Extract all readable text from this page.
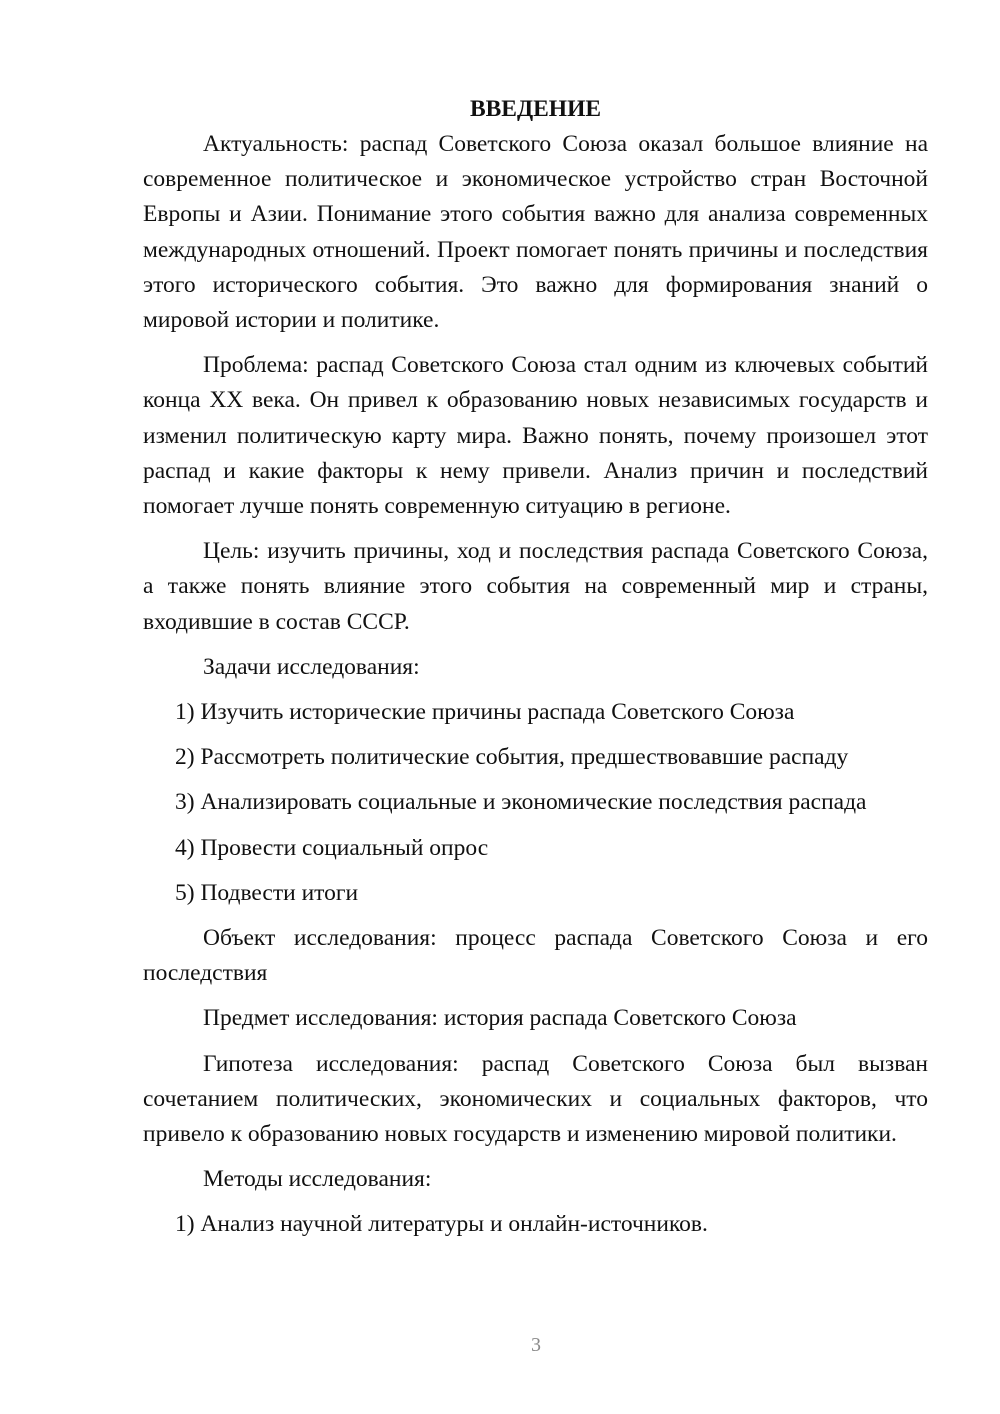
ВВЕДЕНИЕ

Актуальность: распад Советского Союза оказал большое влияние на современное политическое и экономическое устройство стран Восточной Европы и Азии. Понимание этого события важно для анализа современных международных отношений. Проект помогает понять причины и последствия этого исторического события. Это важно для формирования знаний о мировой истории и политике.

Проблема: распад Советского Союза стал одним из ключевых событий конца XX века. Он привел к образованию новых независимых государств и изменил политическую карту мира. Важно понять, почему произошел этот распад и какие факторы к нему привели. Анализ причин и последствий помогает лучше понять современную ситуацию в регионе.

Цель: изучить причины, ход и последствия распада Советского Союза, а также понять влияние этого события на современный мир и страны, входившие в состав СССР.

Задачи исследования:
1) Изучить исторические причины распада Советского Союза
2) Рассмотреть политические события, предшествовавшие распаду
3) Анализировать социальные и экономические последствия распада
4) Провести социальный опрос
5) Подвести итоги

Объект исследования: процесс распада Советского Союза и его последствия

Предмет исследования: история распада Советского Союза

Гипотеза исследования: распад Советского Союза был вызван сочетанием политических, экономических и социальных факторов, что привело к образованию новых государств и изменению мировой политики.

Методы исследования:
1) Анализ научной литературы и онлайн-источников.
3
